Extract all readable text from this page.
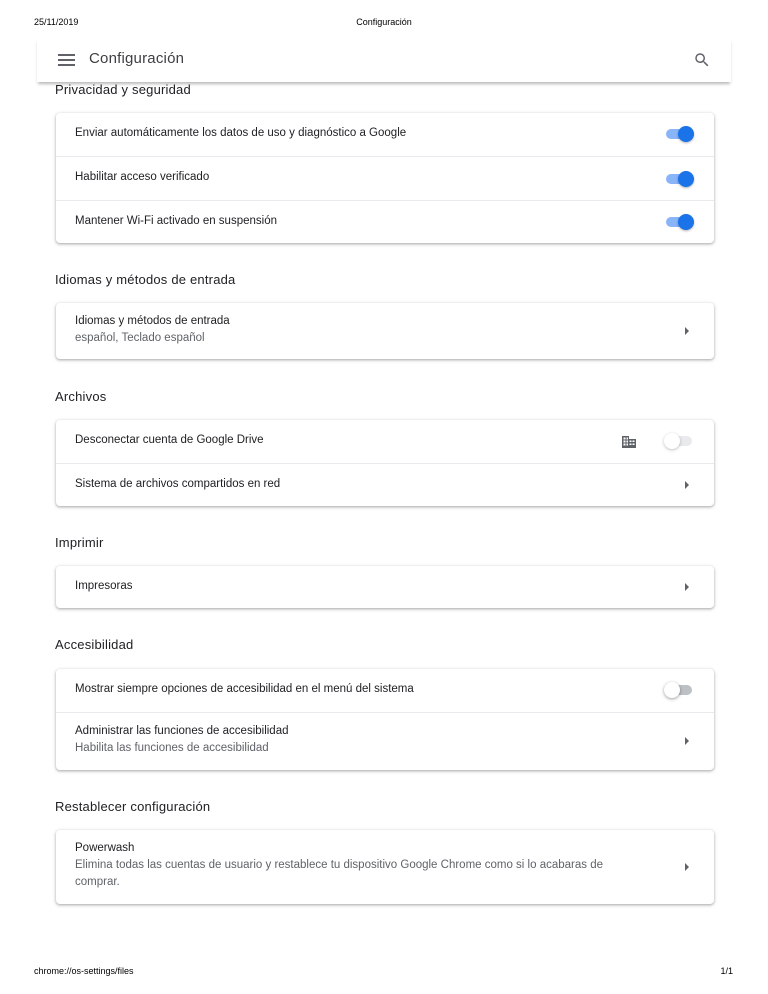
25/11/2019	Configuración
Privacidad y seguridad
Enviar automáticamente los datos de uso y diagnóstico a Google
Habilitar acceso verificado
Mantener Wi-Fi activado en suspensión
Idiomas y métodos de entrada
Idiomas y métodos de entrada
español, Teclado español
Archivos
Desconectar cuenta de Google Drive
Sistema de archivos compartidos en red
Imprimir
Impresoras
Accesibilidad
Mostrar siempre opciones de accesibilidad en el menú del sistema
Administrar las funciones de accesibilidad
Habilita las funciones de accesibilidad
Restablecer configuración
Powerwash
Elimina todas las cuentas de usuario y restablece tu dispositivo Google Chrome como si lo acabaras de comprar.
Configuración
chrome://os-settings/files	1/1
